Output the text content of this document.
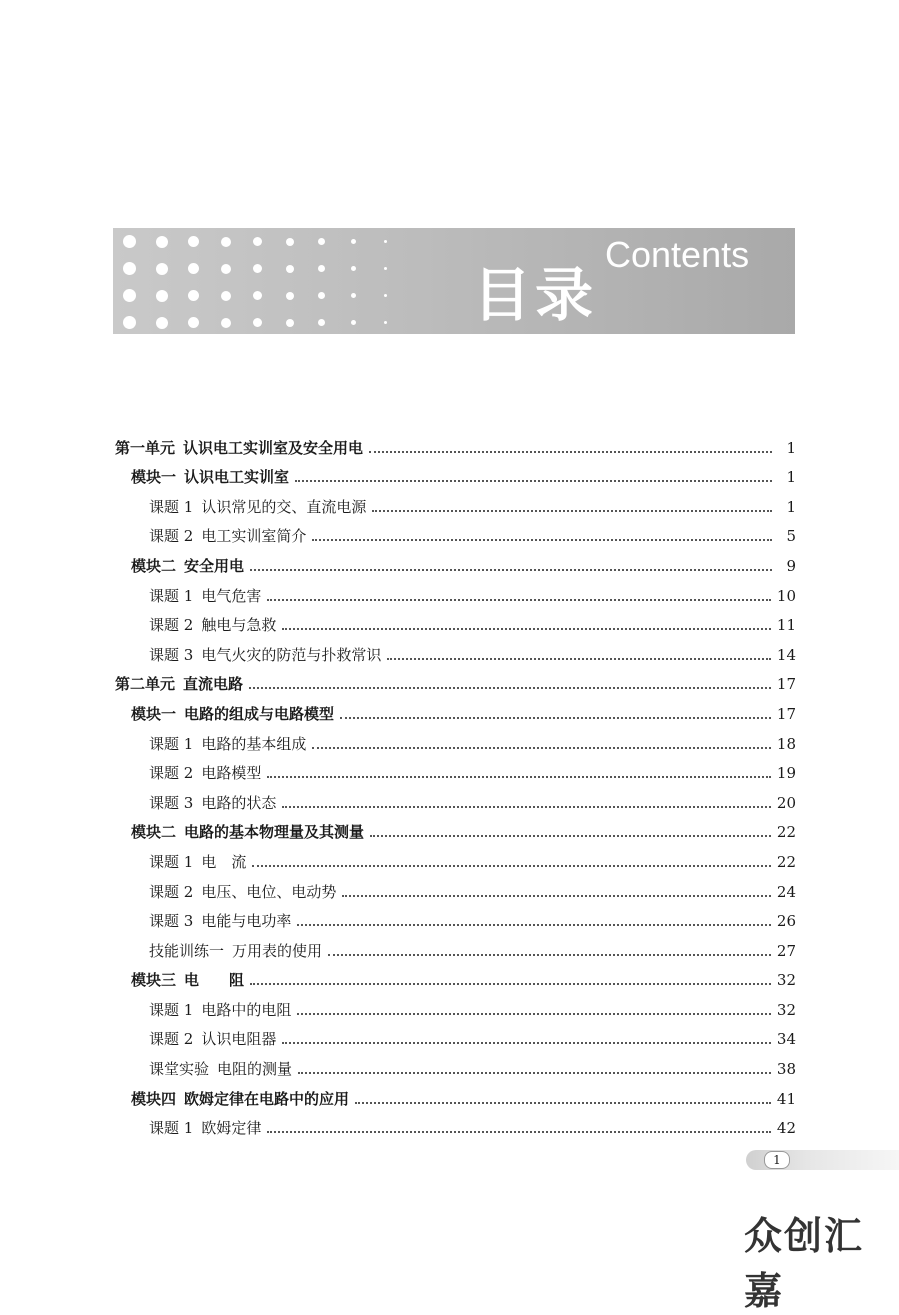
目录
Contents
第一单元 认识电工实训室及安全用电	1
模块一 认识电工实训室	1
课题 1 认识常见的交、直流电源	1
课题 2 电工实训室简介	5
模块二 安全用电	9
课题 1 电气危害	10
课题 2 触电与急救	11
课题 3 电气火灾的防范与扑救常识	14
第二单元 直流电路	17
模块一 电路的组成与电路模型	17
课题 1 电路的基本组成	18
课题 2 电路模型	19
课题 3 电路的状态	20
模块二 电路的基本物理量及其测量	22
课题 1 电　流	22
课题 2 电压、电位、电动势	24
课题 3 电能与电功率	26
技能训练一 万用表的使用	27
模块三 电　　阻	32
课题 1 电路中的电阻	32
课题 2 认识电阻器	34
课堂实验 电阻的测量	38
模块四 欧姆定律在电路中的应用	41
课题 1 欧姆定律	42
1
众创汇嘉
